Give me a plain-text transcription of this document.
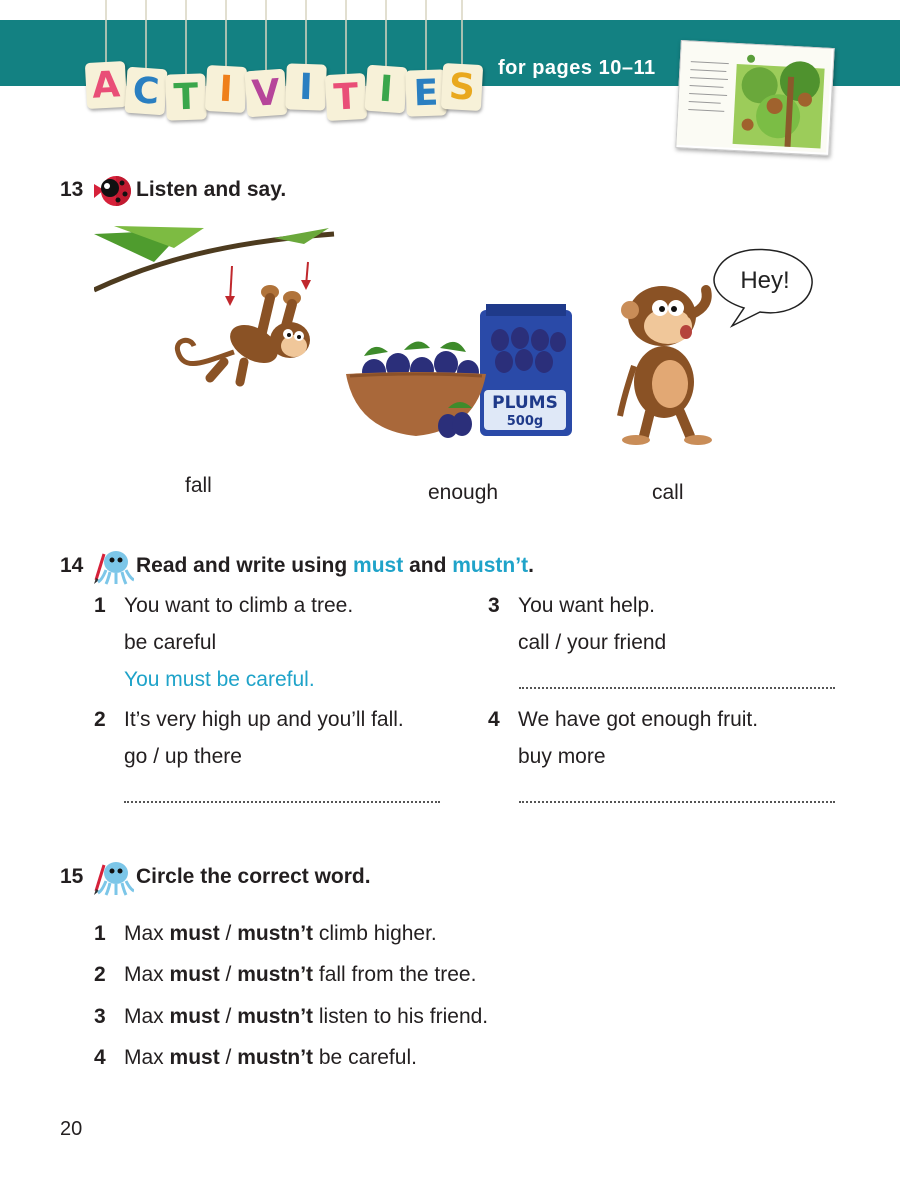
A C T I V I T I E S	for pages 10–11
13	Listen and say.
PLUMS
500g
Hey!
fall	enough	call
14	Read and write using must and mustn’t.
1 You want to climb a tree.
be careful
You must be careful.
2 It’s very high up and you’ll fall.
go / up there
3 You want help.
call / your friend
4 We have got enough fruit.
buy more
15	Circle the correct word.
1 Max must / mustn’t climb higher.
2 Max must / mustn’t fall from the tree.
3 Max must / mustn’t listen to his friend.
4 Max must / mustn’t be careful.
20
